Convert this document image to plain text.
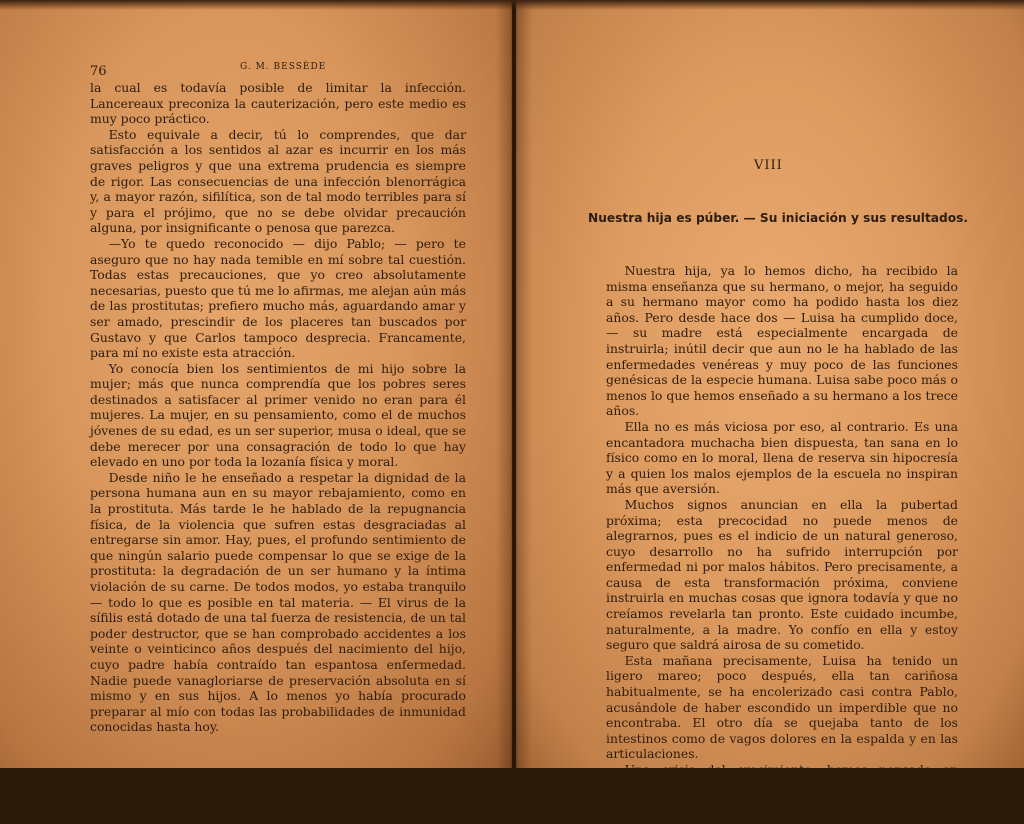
76	G. M. BESSÈDE

la cual es todavía posible de limitar la infección. Lancereaux preconiza la cauterización, pero este medio es muy poco práctico.

Esto equivale a decir, tú lo comprendes, que dar satisfacción a los sentidos al azar es incurrir en los más graves peligros y que una extrema prudencia es siempre de rigor. Las consecuencias de una infección blenorrágica y, a mayor razón, sifilítica, son de tal modo terribles para sí y para el prójimo, que no se debe olvidar precaución alguna, por insignificante o penosa que parezca.

—Yo te quedo reconocido — dijo Pablo; — pero te aseguro que no hay nada temible en mí sobre tal cuestión. Todas estas precauciones, que yo creo absolutamente necesarias, puesto que tú me lo afirmas, me alejan aún más de las prostitutas; prefiero mucho más, aguardando amar y ser amado, prescindir de los placeres tan buscados por Gustavo y que Carlos tampoco desprecia. Francamente, para mí no existe esta atracción.

Yo conocía bien los sentimientos de mi hijo sobre la mujer; más que nunca comprendía que los pobres seres destinados a satisfacer al primer venido no eran para él mujeres. La mujer, en su pensamiento, como el de muchos jóvenes de su edad, es un ser superior, musa o ideal, que se debe merecer por una consagración de todo lo que hay elevado en uno por toda la lozanía física y moral.

Desde niño le he enseñado a respetar la dignidad de la persona humana aun en su mayor rebajamiento, como en la prostituta. Más tarde le he hablado de la repugnancia física, de la violencia que sufren estas desgraciadas al entregarse sin amor. Hay, pues, el profundo sentimiento de que ningún salario puede compensar lo que se exige de la prostituta: la degradación de un ser humano y la íntima violación de su carne. De todos modos, yo estaba tranquilo — todo lo que es posible en tal materia. — El virus de la sífilis está dotado de una tal fuerza de resistencia, de un tal poder destructor, que se han comprobado accidentes a los veinte o veinticinco años después del nacimiento del hijo, cuyo padre había contraído tan espantosa enfermedad. Nadie puede vanagloriarse de preservación absoluta en sí mismo y en sus hijos. A lo menos yo había procurado preparar al mío con todas las probabilidades de inmunidad conocidas hasta hoy.

VIII
Nuestra hija es púber. — Su iniciación y sus resultados.

Nuestra hija, ya lo hemos dicho, ha recibido la misma enseñanza que su hermano, o mejor, ha seguido a su hermano mayor como ha podido hasta los diez años. Pero desde hace dos — Luisa ha cumplido doce, — su madre está especialmente encargada de instruirla; inútil decir que aun no le ha hablado de las enfermedades venéreas y muy poco de las funciones genésicas de la especie humana. Luisa sabe poco más o menos lo que hemos enseñado a su hermano a los trece años.

Ella no es más viciosa por eso, al contrario. Es una encantadora muchacha bien dispuesta, tan sana en lo físico como en lo moral, llena de reserva sin hipocresía y a quien los malos ejemplos de la escuela no inspiran más que aversión.

Muchos signos anuncian en ella la pubertad próxima; esta precocidad no puede menos de alegrarnos, pues es el indicio de un natural generoso, cuyo desarrollo no ha sufrido interrupción por enfermedad ni por malos hábitos. Pero precisamente, a causa de esta transformación próxima, conviene instruirla en muchas cosas que ignora todavía y que no creíamos revelarla tan pronto. Este cuidado incumbe, naturalmente, a la madre. Yo confío en ella y estoy seguro que saldrá airosa de su cometido.

Esta mañana precisamente, Luisa ha tenido un ligero mareo; poco después, ella tan cariñosa habitualmente, se ha encolerizado casi contra Pablo, acusándole de haber escondido un imperdible que no encontraba. El otro día se quejaba tanto de los intestinos como de vagos dolores en la espalda y en las articulaciones.

Una crisis del crecimiento, hemos pensado en principio. Pero es también la crisis de la pubertad, porque sus pequeños senos le han molestado todos estos días.
